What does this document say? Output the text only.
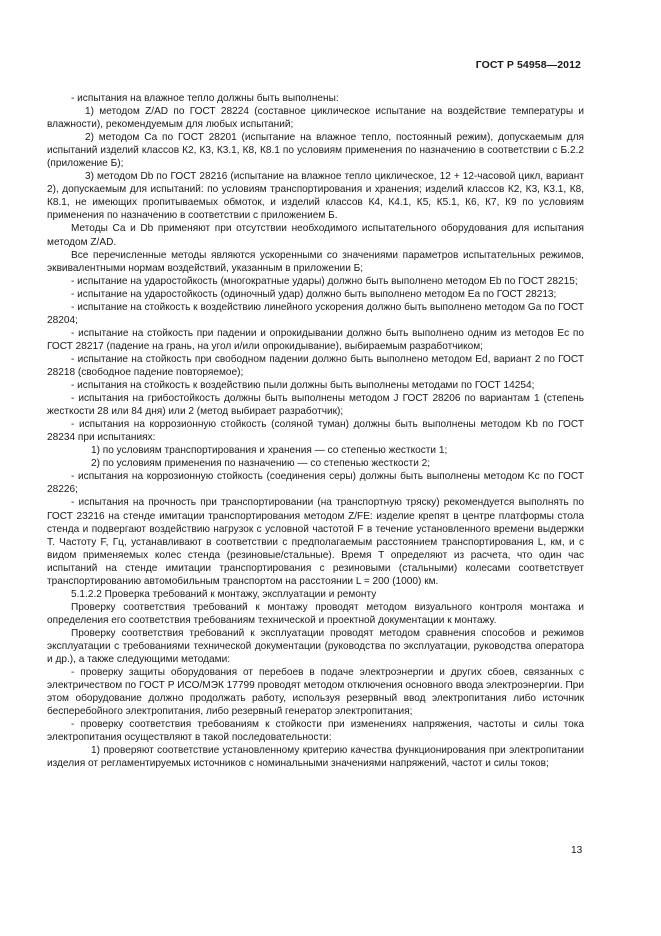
ГОСТ Р 54958—2012

- испытания на влажное тепло должны быть выполнены:

1) методом Z/AD по ГОСТ 28224 (составное циклическое испытание на воздействие температуры и влажности), рекомендуемым для любых испытаний;

2) методом Са по ГОСТ 28201 (испытание на влажное тепло, постоянный режим), допускаемым для испытаний изделий классов К2, К3, К3.1, К8, К8.1 по условиям применения по назначению в соответствии с Б.2.2 (приложение Б);

3) методом Db по ГОСТ 28216 (испытание на влажное тепло циклическое, 12 + 12-часовой цикл, вариант 2), допускаемым для испытаний: по условиям транспортирования и хранения; изделий классов К2, К3, К3.1, К8, К8.1, не имеющих пропитываемых обмоток, и изделий классов К4, К4.1, К5, К5.1, К6, К7, К9 по условиям применения по назначению в соответствии с приложением Б.

Методы Са и Db применяют при отсутствии необходимого испытательного оборудования для испытания методом Z/AD.

Все перечисленные методы являются ускоренными со значениями параметров испытательных режимов, эквивалентными нормам воздействий, указанным в приложении Б;

- испытание на ударостойкость (многократные удары) должно быть выполнено методом Eb по ГОСТ 28215;

- испытание на ударостойкость (одиночный удар) должно быть выполнено методом Еа по ГОСТ 28213;

- испытание на стойкость к воздействию линейного ускорения должно быть выполнено методом Ga по ГОСТ 28204;

- испытание на стойкость при падении и опрокидывании должно быть выполнено одним из методов Ec по ГОСТ 28217 (падение на грань, на угол и/или опрокидывание), выбираемым разработчиком;

- испытание на стойкость при свободном падении должно быть выполнено методом Ed, вариант 2 по ГОСТ 28218 (свободное падение повторяемое);

- испытания на стойкость к воздействию пыли должны быть выполнены методами по ГОСТ 14254;

- испытания на грибостойкость должны быть выполнены методом J ГОСТ 28206 по вариантам 1 (степень жесткости 28 или 84 дня) или 2 (метод выбирает разработчик);

- испытания на коррозионную стойкость (соляной туман) должны быть выполнены методом Kb по ГОСТ 28234 при испытаниях:

1) по условиям транспортирования и хранения — со степенью жесткости 1;

2) по условиям применения по назначению — со степенью жесткости 2;

- испытания на коррозионную стойкость (соединения серы) должны быть выполнены методом Kc по ГОСТ 28226;

- испытания на прочность при транспортировании (на транспортную тряску) рекомендуется выполнять по ГОСТ 23216 на стенде имитации транспортирования методом Z/FE: изделие крепят в центре платформы стола стенда и подвергают воздействию нагрузок с условной частотой F в течение установленного времени выдержки T. Частоту F, Гц, устанавливают в соответствии с предполагаемым расстоянием транспортирования L, км, и с видом применяемых колес стенда (резиновые/стальные). Время T определяют из расчета, что один час испытаний на стенде имитации транспортирования с резиновыми (стальными) колесами соответствует транспортированию автомобильным транспортом на расстоянии L = 200 (1000) км.

5.1.2.2 Проверка требований к монтажу, эксплуатации и ремонту

Проверку соответствия требований к монтажу проводят методом визуального контроля монтажа и определения его соответствия требованиям технической и проектной документации к монтажу.

Проверку соответствия требований к эксплуатации проводят методом сравнения способов и режимов эксплуатации с требованиями технической документации (руководства по эксплуатации, руководства оператора и др.), а также следующими методами:

- проверку защиты оборудования от перебоев в подаче электроэнергии и других сбоев, связанных с электричеством по ГОСТ Р ИСО/МЭК 17799 проводят методом отключения основного ввода электроэнергии. При этом оборудование должно продолжать работу, используя резервный ввод электропитания либо источник бесперебойного электропитания, либо резервный генератор электропитания;

- проверку соответствия требованиям к стойкости при изменениях напряжения, частоты и силы тока электропитания осуществляют в такой последовательности:

1) проверяют соответствие установленному критерию качества функционирования при электропитании изделия от регламентируемых источников с номинальными значениями напряжений, частот и силы токов;

13
